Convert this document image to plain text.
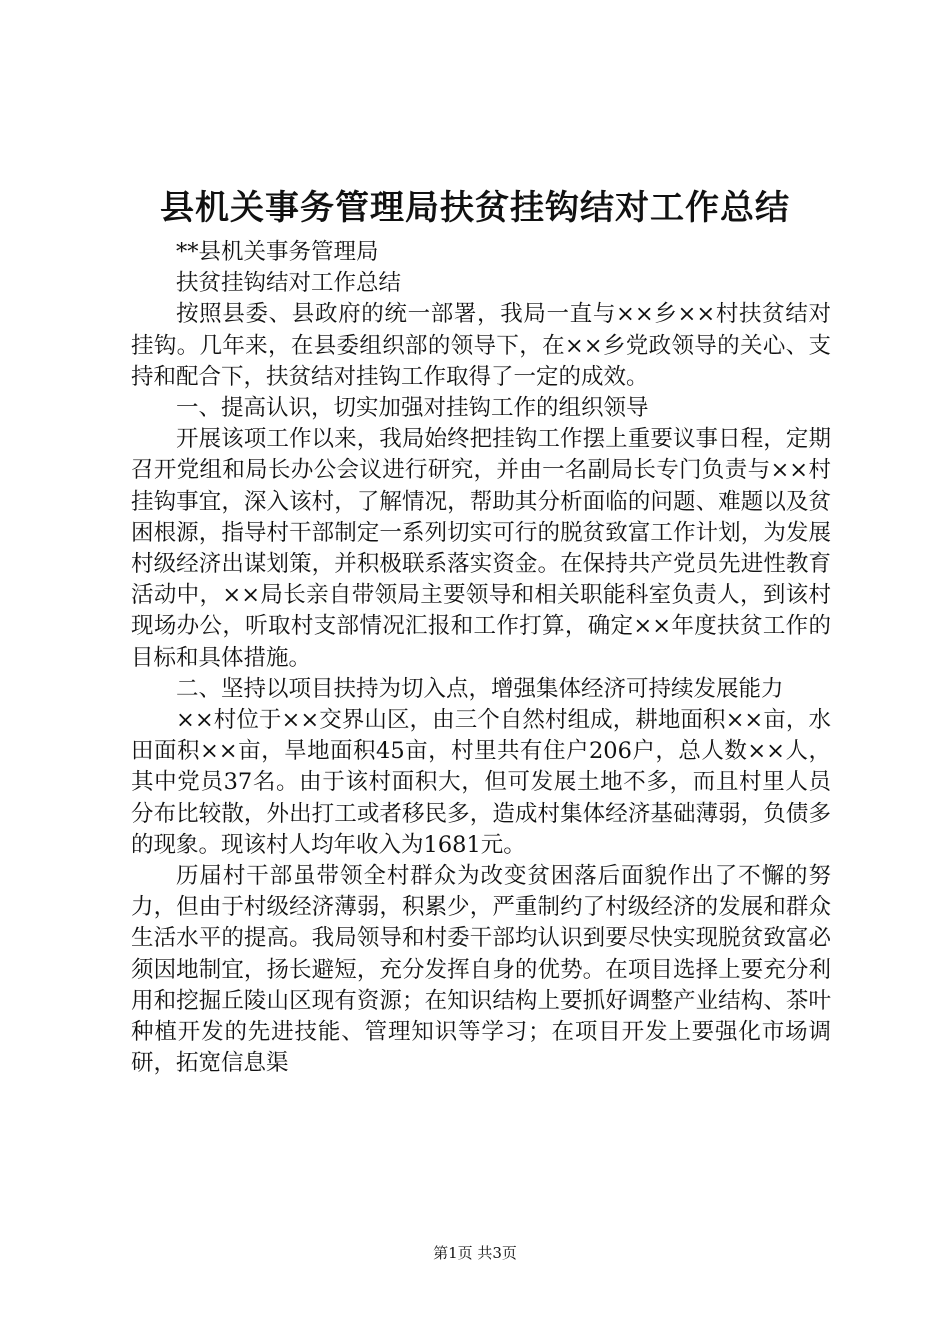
县机关事务管理局扶贫挂钩结对工作总结

**县机关事务管理局

扶贫挂钩结对工作总结

按照县委、县政府的统一部署，我局一直与××乡××村扶贫结对挂钩。几年来，在县委组织部的领导下，在××乡党政领导的关心、支持和配合下，扶贫结对挂钩工作取得了一定的成效。

一、提高认识，切实加强对挂钩工作的组织领导

开展该项工作以来，我局始终把挂钩工作摆上重要议事日程，定期召开党组和局长办公会议进行研究，并由一名副局长专门负责与××村挂钩事宜，深入该村，了解情况，帮助其分析面临的问题、难题以及贫困根源，指导村干部制定一系列切实可行的脱贫致富工作计划，为发展村级经济出谋划策，并积极联系落实资金。在保持共产党员先进性教育活动中，××局长亲自带领局主要领导和相关职能科室负责人，到该村现场办公，听取村支部情况汇报和工作打算，确定××年度扶贫工作的目标和具体措施。

二、坚持以项目扶持为切入点，增强集体经济可持续发展能力

××村位于××交界山区，由三个自然村组成，耕地面积××亩，水田面积××亩，旱地面积45亩，村里共有住户206户，总人数××人，其中党员37名。由于该村面积大，但可发展土地不多，而且村里人员分布比较散，外出打工或者移民多，造成村集体经济基础薄弱，负债多的现象。现该村人均年收入为1681元。

历届村干部虽带领全村群众为改变贫困落后面貌作出了不懈的努力，但由于村级经济薄弱，积累少，严重制约了村级经济的发展和群众生活水平的提高。我局领导和村委干部均认识到要尽快实现脱贫致富必须因地制宜，扬长避短，充分发挥自身的优势。在项目选择上要充分利用和挖掘丘陵山区现有资源；在知识结构上要抓好调整产业结构、茶叶种植开发的先进技能、管理知识等学习；在项目开发上要强化市场调研，拓宽信息渠

第1页 共3页
